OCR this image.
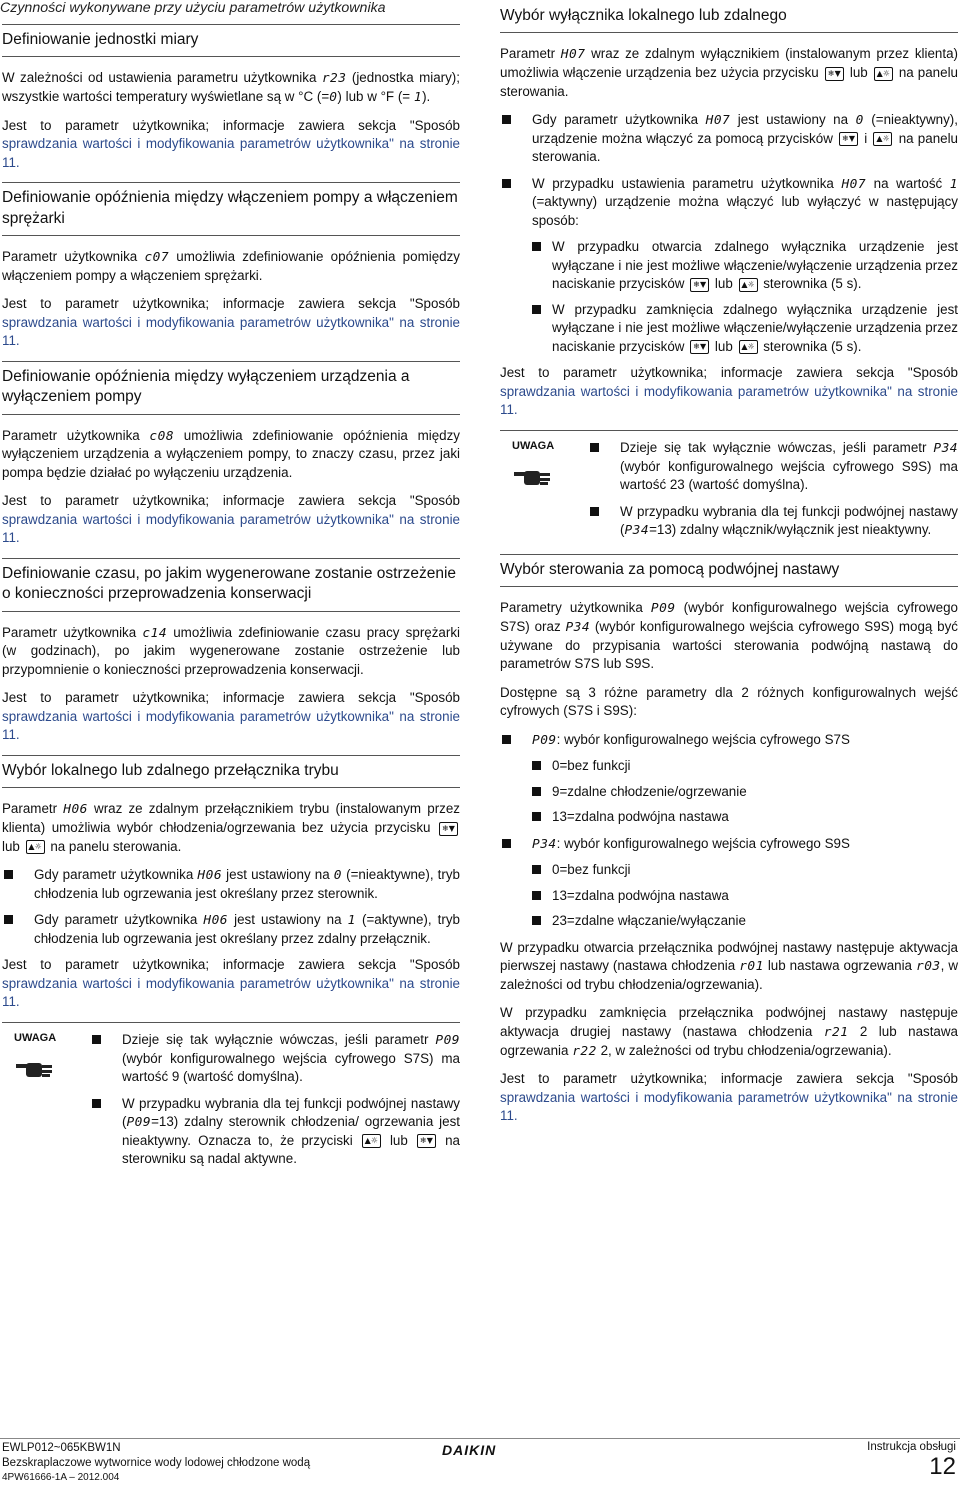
Czynności wykonywane przy użyciu parametrów użytkownika
Definiowanie jednostki miary

W zależności od ustawienia parametru użytkownika r23 (jednostka miary); wszystkie wartości temperatury wyświetlane są w °C (=0) lub w °F (= 1).

Jest to parametr użytkownika; informacje zawiera sekcja "Sposób sprawdzania wartości i modyfikowania parametrów użytkownika" na stronie 11.

Definiowanie opóźnienia między włączeniem pompy a włączeniem sprężarki

Parametr użytkownika c07 umożliwia zdefiniowanie opóźnienia pomiędzy włączeniem pompy a włączeniem sprężarki.

Jest to parametr użytkownika; informacje zawiera sekcja "Sposób sprawdzania wartości i modyfikowania parametrów użytkownika" na stronie 11.

Definiowanie opóźnienia między wyłączeniem urządzenia a wyłączeniem pompy

Parametr użytkownika c08 umożliwia zdefiniowanie opóźnienia między wyłączeniem urządzenia a wyłączeniem pompy, to znaczy czasu, przez jaki pompa będzie działać po wyłączeniu urządzenia.

Jest to parametr użytkownika; informacje zawiera sekcja "Sposób sprawdzania wartości i modyfikowania parametrów użytkownika" na stronie 11.

Definiowanie czasu, po jakim wygenerowane zostanie ostrzeżenie o konieczności przeprowadzenia konserwacji

Parametr użytkownika c14 umożliwia zdefiniowanie czasu pracy sprężarki (w godzinach), po jakim wygenerowane zostanie ostrzeżenie lub przypomnienie o konieczności przeprowadzenia konserwacji.

Jest to parametr użytkownika; informacje zawiera sekcja "Sposób sprawdzania wartości i modyfikowania parametrów użytkownika" na stronie 11.

Wybór lokalnego lub zdalnego przełącznika trybu

Parametr H06 wraz ze zdalnym przełącznikiem trybu (instalowanym przez klienta) umożliwia wybór chłodzenia/ogrzewania bez użycia przycisku ❄▼ lub ▲☼ na panelu sterowania.

Gdy parametr użytkownika H06 jest ustawiony na 0 (=nieaktywne), tryb chłodzenia lub ogrzewania jest określany przez sterownik.
Gdy parametr użytkownika H06 jest ustawiony na 1 (=aktywne), tryb chłodzenia lub ogrzewania jest określany przez zdalny przełącznik.

Jest to parametr użytkownika; informacje zawiera sekcja "Sposób sprawdzania wartości i modyfikowania parametrów użytkownika" na stronie 11.

UWAGA	Dzieje się tak wyłącznie wówczas, jeśli parametr P09 (wybór konfigurowalnego wejścia cyfrowego S7S) ma wartość 9 (wartość domyślna).
W przypadku wybrania dla tej funkcji podwójnej nastawy (P09=13) zdalny sterownik chłodzenia/ ogrzewania jest nieaktywny. Oznacza to, że przyciski ▲☼ lub ❄▼ na sterowniku są nadal aktywne.
Wybór wyłącznika lokalnego lub zdalnego

Parametr H07 wraz ze zdalnym wyłącznikiem (instalowanym przez klienta) umożliwia włączenie urządzenia bez użycia przycisku ❄▼ lub ▲☼ na panelu sterowania.

Gdy parametr użytkownika H07 jest ustawiony na 0 (=nieaktywny), urządzenie można włączyć za pomocą przycisków ❄▼ i ▲☼ na panelu sterowania.
W przypadku ustawienia parametru użytkownika H07 na wartość 1 (=aktywny) urządzenie można włączyć lub wyłączyć w następujący sposób:
W przypadku otwarcia zdalnego wyłącznika urządzenie jest wyłączane i nie jest możliwe włączenie/wyłączenie urządzenia przez naciskanie przycisków ❄▼ lub ▲☼ sterownika (5 s).
W przypadku zamknięcia zdalnego wyłącznika urządzenie jest wyłączane i nie jest możliwe włączenie/wyłączenie urządzenia przez naciskanie przycisków ❄▼ lub ▲☼ sterownika (5 s).

Jest to parametr użytkownika; informacje zawiera sekcja "Sposób sprawdzania wartości i modyfikowania parametrów użytkownika" na stronie 11.

UWAGA	Dzieje się tak wyłącznie wówczas, jeśli parametr P34 (wybór konfigurowalnego wejścia cyfrowego S9S) ma wartość 23 (wartość domyślna).
W przypadku wybrania dla tej funkcji podwójnej nastawy (P34=13) zdalny włącznik/wyłącznik jest nieaktywny.
Wybór sterowania za pomocą podwójnej nastawy

Parametry użytkownika P09 (wybór konfigurowalnego wejścia cyfrowego S7S) oraz P34 (wybór konfigurowalnego wejścia cyfrowego S9S) mogą być używane do przypisania wartości sterowania podwójną nastawą do parametrów S7S lub S9S.

Dostępne są 3 różne parametry dla 2 różnych konfigurowalnych wejść cyfrowych (S7S i S9S):

P09: wybór konfigurowalnego wejścia cyfrowego S7S
0=bez funkcji
9=zdalne chłodzenie/ogrzewanie
13=zdalna podwójna nastawa
P34: wybór konfigurowalnego wejścia cyfrowego S9S
0=bez funkcji
13=zdalna podwójna nastawa
23=zdalne włączanie/wyłączanie

W przypadku otwarcia przełącznika podwójnej nastawy następuje aktywacja pierwszej nastawy (nastawa chłodzenia r01 lub nastawa ogrzewania r03, w zależności od trybu chłodzenia/ogrzewania).

W przypadku zamknięcia przełącznika podwójnej nastawy następuje aktywacja drugiej nastawy (nastawa chłodzenia r21 2 lub nastawa ogrzewania r22 2, w zależności od trybu chłodzenia/ogrzewania).

Jest to parametr użytkownika; informacje zawiera sekcja "Sposób sprawdzania wartości i modyfikowania parametrów użytkownika" na stronie 11.

EWLP012~065KBW1N
Bezskraplaczowe wytwornice wody lodowej chłodzone wodą
4PW61666-1A – 2012.004
DAIKIN	Instrukcja obsługi
12
